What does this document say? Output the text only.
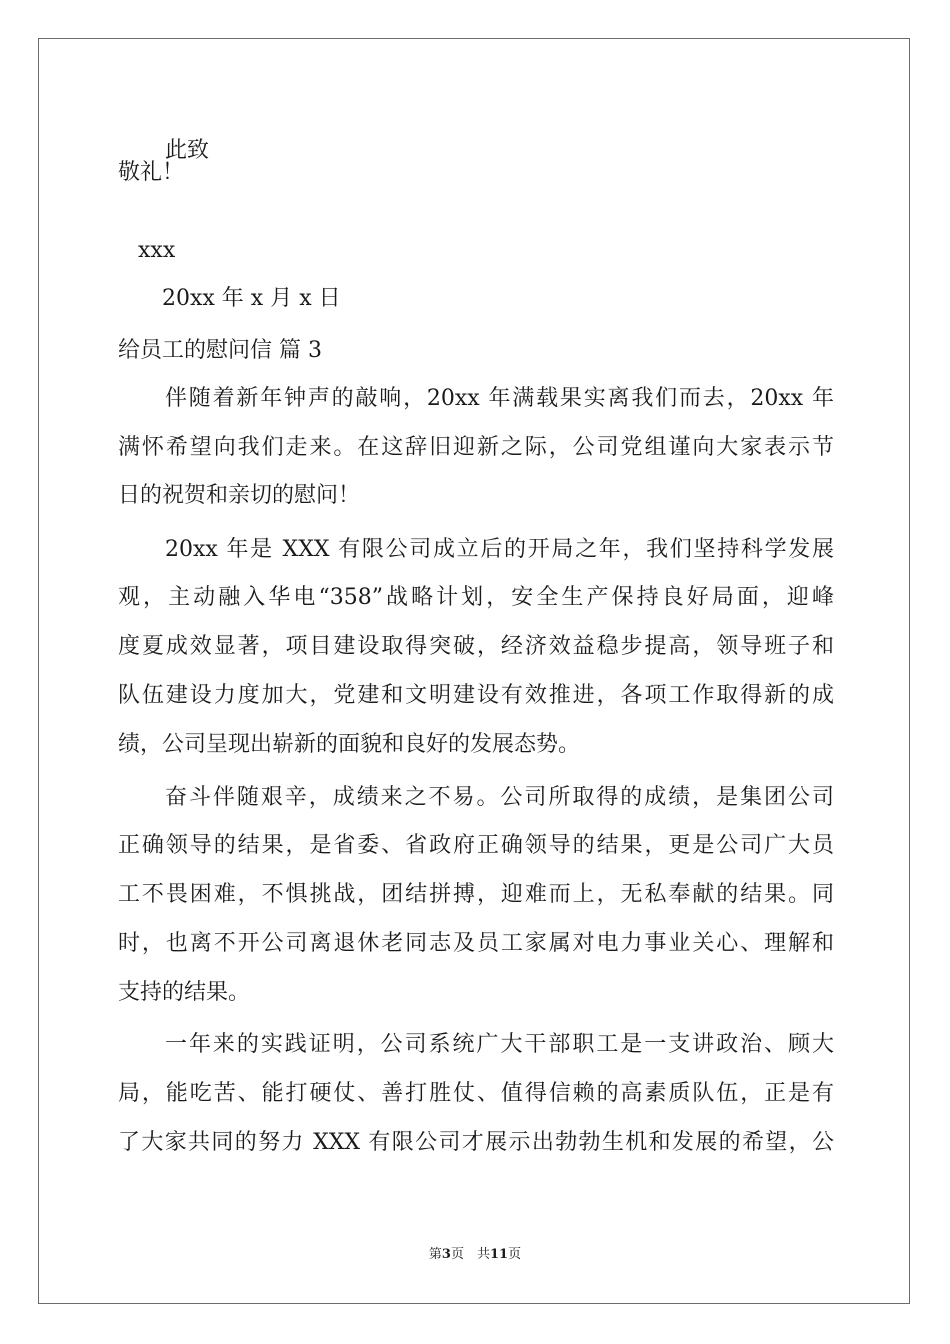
此致
敬礼！
xxx
20xx 年 x 月 x 日
给员工的慰问信 篇 3
伴随着新年钟声的敲响，20xx 年满载果实离我们而去，20xx 年
满怀希望向我们走来。在这辞旧迎新之际，公司党组谨向大家表示节
日的祝贺和亲切的慰问！
20xx 年是 XXX 有限公司成立后的开局之年，我们坚持科学发展
观，主动融入华电“358”战略计划，安全生产保持良好局面，迎峰
度夏成效显著，项目建设取得突破，经济效益稳步提高，领导班子和
队伍建设力度加大，党建和文明建设有效推进，各项工作取得新的成
绩，公司呈现出崭新的面貌和良好的发展态势。
奋斗伴随艰辛，成绩来之不易。公司所取得的成绩，是集团公司
正确领导的结果，是省委、省政府正确领导的结果，更是公司广大员
工不畏困难，不惧挑战，团结拼搏，迎难而上，无私奉献的结果。同
时，也离不开公司离退休老同志及员工家属对电力事业关心、理解和
支持的结果。
一年来的实践证明，公司系统广大干部职工是一支讲政治、顾大
局，能吃苦、能打硬仗、善打胜仗、值得信赖的高素质队伍，正是有
了大家共同的努力 XXX 有限公司才展示出勃勃生机和发展的希望，公
第3页　共11页
